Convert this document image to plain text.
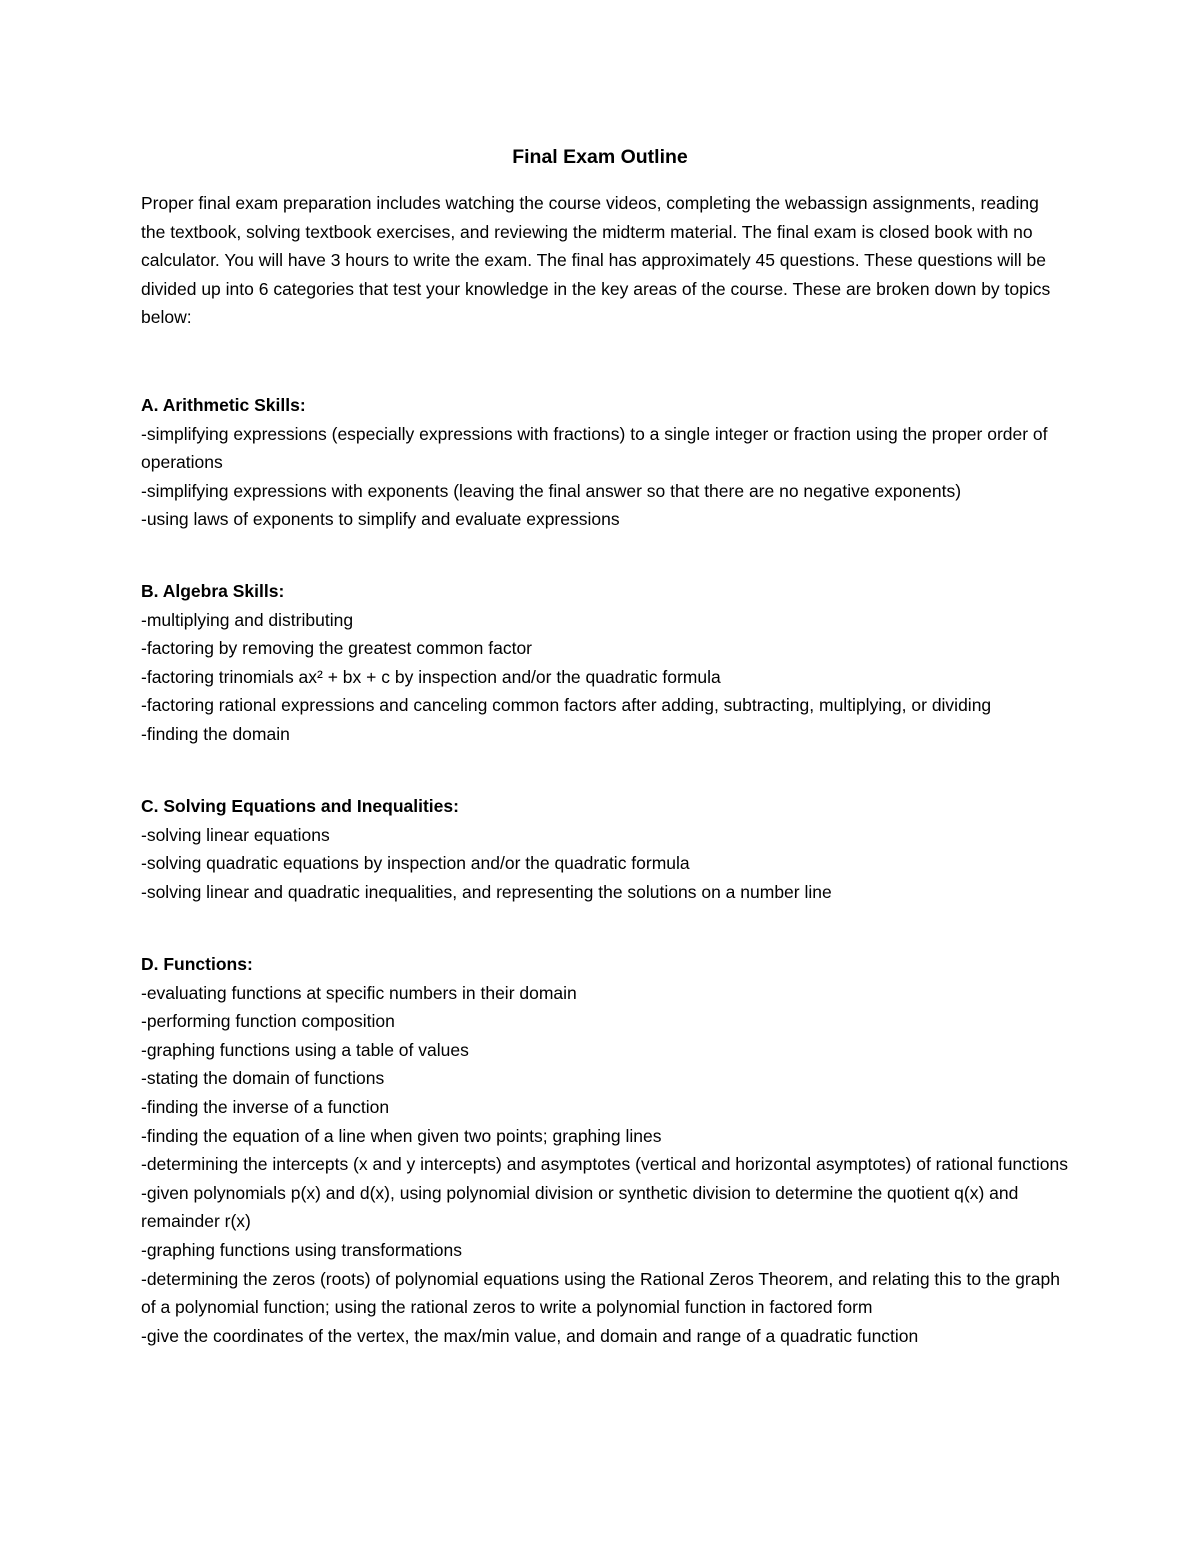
Final Exam Outline

Proper final exam preparation includes watching the course videos, completing the webassign assignments, reading the textbook, solving textbook exercises, and reviewing the midterm material. The final exam is closed book with no calculator. You will have 3 hours to write the exam. The final has approximately 45 questions. These questions will be divided up into 6 categories that test your knowledge in the key areas of the course. These are broken down by topics below:

A. Arithmetic Skills:
-simplifying expressions (especially expressions with fractions) to a single integer or fraction using the proper order of operations
-simplifying expressions with exponents (leaving the final answer so that there are no negative exponents)
-using laws of exponents to simplify and evaluate expressions
B. Algebra Skills:
-multiplying and distributing
-factoring by removing the greatest common factor
-factoring trinomials ax² + bx + c by inspection and/or the quadratic formula
-factoring rational expressions and canceling common factors after adding, subtracting, multiplying, or dividing
-finding the domain
C. Solving Equations and Inequalities:
-solving linear equations
-solving quadratic equations by inspection and/or the quadratic formula
-solving linear and quadratic inequalities, and representing the solutions on a number line
D. Functions:
-evaluating functions at specific numbers in their domain
-performing function composition
-graphing functions using a table of values
-stating the domain of functions
-finding the inverse of a function
-finding the equation of a line when given two points; graphing lines
-determining the intercepts (x and y intercepts) and asymptotes (vertical and horizontal asymptotes) of rational functions
-given polynomials p(x) and d(x), using polynomial division or synthetic division to determine the quotient q(x) and remainder r(x)
-graphing functions using transformations
-determining the zeros (roots) of polynomial equations using the Rational Zeros Theorem, and relating this to the graph of a polynomial function; using the rational zeros to write a polynomial function in factored form
-give the coordinates of the vertex, the max/min value, and domain and range of a quadratic function
